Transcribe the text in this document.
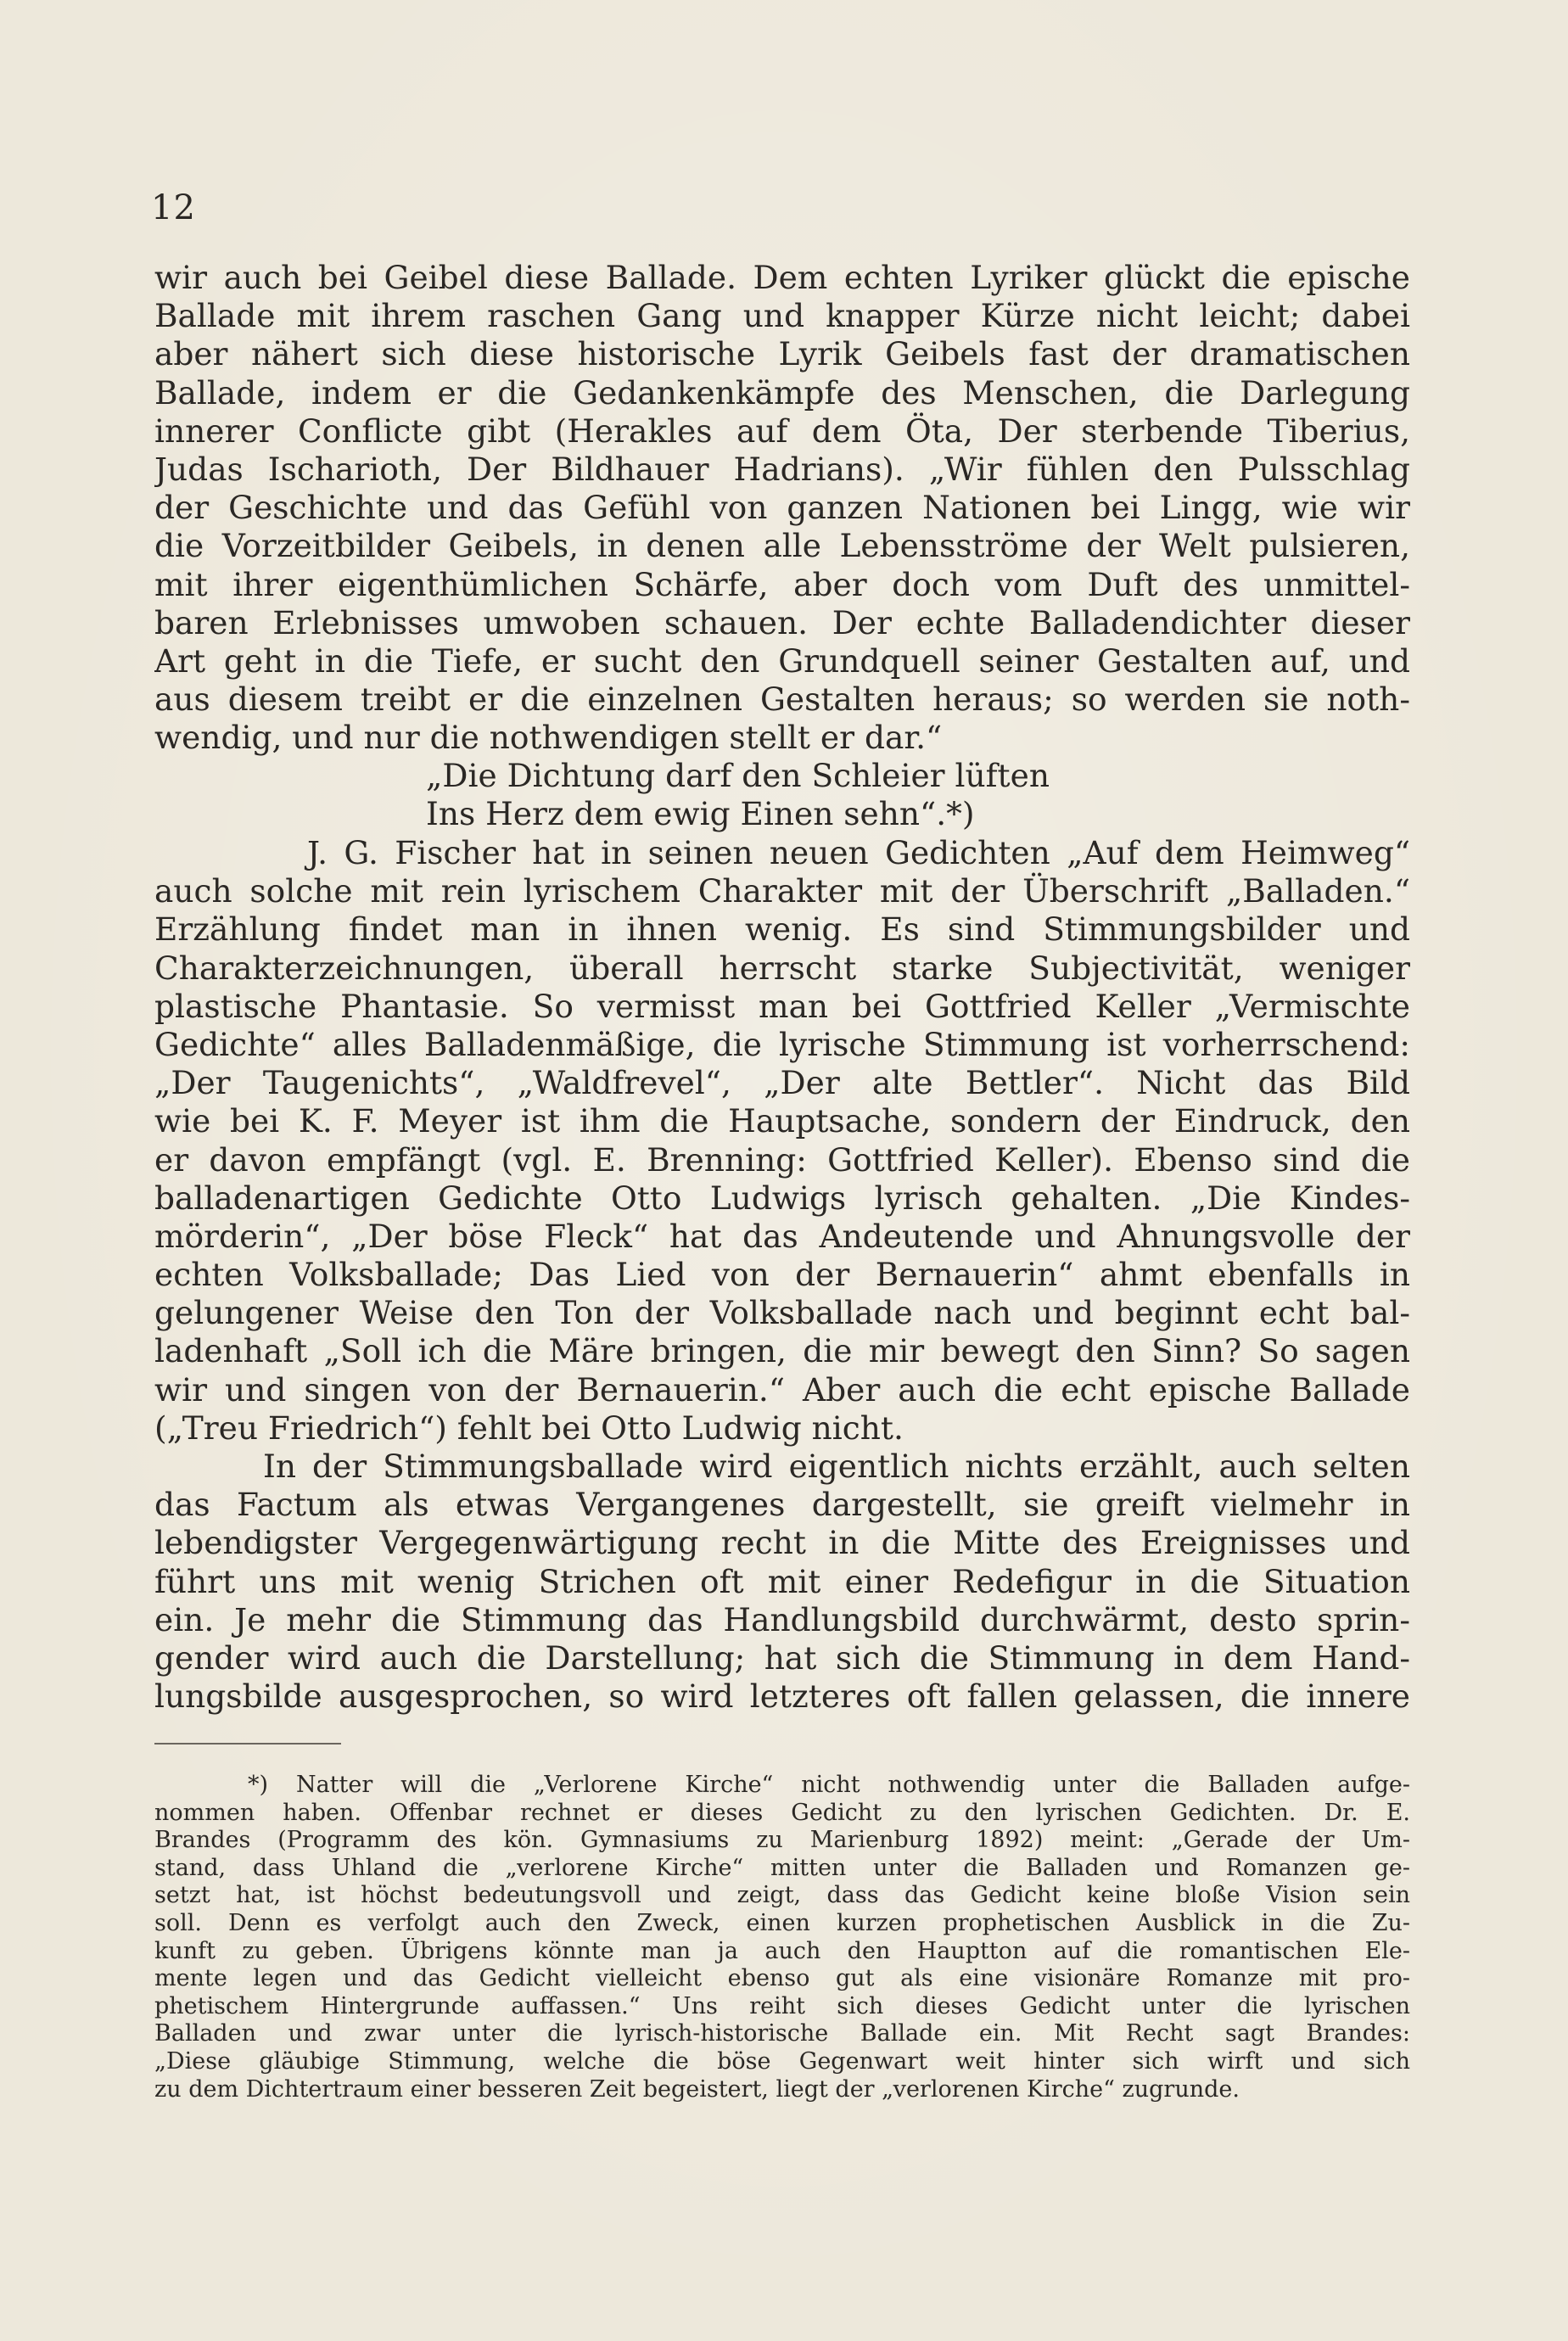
12
wir auch bei Geibel diese Ballade. Dem echten Lyriker glückt die epische
Ballade mit ihrem raschen Gang und knapper Kürze nicht leicht; dabei
aber nähert sich diese historische Lyrik Geibels fast der dramatischen
Ballade, indem er die Gedankenkämpfe des Menschen, die Darlegung
innerer Conflicte gibt (Herakles auf dem Öta, Der sterbende Tiberius,
Judas Ischarioth, Der Bildhauer Hadrians). „Wir fühlen den Pulsschlag
der Geschichte und das Gefühl von ganzen Nationen bei Lingg, wie wir
die Vorzeitbilder Geibels, in denen alle Lebensströme der Welt pulsieren,
mit ihrer eigenthümlichen Schärfe, aber doch vom Duft des unmittel-
baren Erlebnisses umwoben schauen. Der echte Balladendichter dieser
Art geht in die Tiefe, er sucht den Grundquell seiner Gestalten auf, und
aus diesem treibt er die einzelnen Gestalten heraus; so werden sie noth-
wendig, und nur die nothwendigen stellt er dar.“
„Die Dichtung darf den Schleier lüften
Ins Herz dem ewig Einen sehn“.*)
J. G. Fischer hat in seinen neuen Gedichten „Auf dem Heimweg“
auch solche mit rein lyrischem Charakter mit der Überschrift „Balladen.“
Erzählung findet man in ihnen wenig. Es sind Stimmungsbilder und
Charakterzeichnungen, überall herrscht starke Subjectivität, weniger
plastische Phantasie. So vermisst man bei Gottfried Keller „Vermischte
Gedichte“ alles Balladenmäßige, die lyrische Stimmung ist vorherrschend:
„Der Taugenichts“, „Waldfrevel“, „Der alte Bettler“. Nicht das Bild
wie bei K. F. Meyer ist ihm die Hauptsache, sondern der Eindruck, den
er davon empfängt (vgl. E. Brenning: Gottfried Keller). Ebenso sind die
balladenartigen Gedichte Otto Ludwigs lyrisch gehalten. „Die Kindes-
mörderin“, „Der böse Fleck“ hat das Andeutende und Ahnungsvolle der
echten Volksballade; Das Lied von der Bernauerin“ ahmt ebenfalls in
gelungener Weise den Ton der Volksballade nach und beginnt echt bal-
ladenhaft „Soll ich die Märe bringen, die mir bewegt den Sinn? So sagen
wir und singen von der Bernauerin.“ Aber auch die echt epische Ballade
(„Treu Friedrich“) fehlt bei Otto Ludwig nicht.
In der Stimmungsballade wird eigentlich nichts erzählt, auch selten
das Factum als etwas Vergangenes dargestellt, sie greift vielmehr in
lebendigster Vergegenwärtigung recht in die Mitte des Ereignisses und
führt uns mit wenig Strichen oft mit einer Redefigur in die Situation
ein. Je mehr die Stimmung das Handlungsbild durchwärmt, desto sprin-
gender wird auch die Darstellung; hat sich die Stimmung in dem Hand-
lungsbilde ausgesprochen, so wird letzteres oft fallen gelassen, die innere
*) Natter will die „Verlorene Kirche“ nicht nothwendig unter die Balladen aufge-
nommen haben. Offenbar rechnet er dieses Gedicht zu den lyrischen Gedichten. Dr. E.
Brandes (Programm des kön. Gymnasiums zu Marienburg 1892) meint: „Gerade der Um-
stand, dass Uhland die „verlorene Kirche“ mitten unter die Balladen und Romanzen ge-
setzt hat, ist höchst bedeutungsvoll und zeigt, dass das Gedicht keine bloße Vision sein
soll. Denn es verfolgt auch den Zweck, einen kurzen prophetischen Ausblick in die Zu-
kunft zu geben. Übrigens könnte man ja auch den Hauptton auf die romantischen Ele-
mente legen und das Gedicht vielleicht ebenso gut als eine visionäre Romanze mit pro-
phetischem Hintergrunde auffassen.“ Uns reiht sich dieses Gedicht unter die lyrischen
Balladen und zwar unter die lyrisch-historische Ballade ein. Mit Recht sagt Brandes:
„Diese gläubige Stimmung, welche die böse Gegenwart weit hinter sich wirft und sich
zu dem Dichtertraum einer besseren Zeit begeistert, liegt der „verlorenen Kirche“ zugrunde.
